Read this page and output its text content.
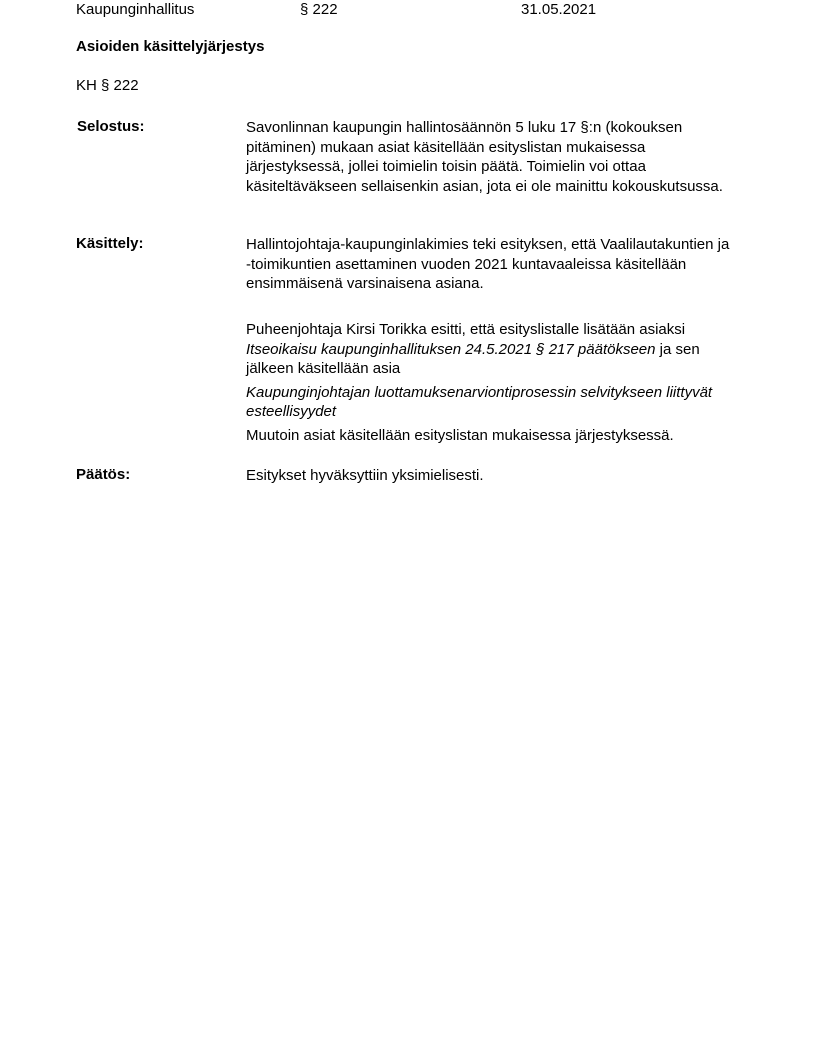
Kaupunginhallitus	§ 222	31.05.2021
Asioiden käsittelyjärjestys
KH § 222
Selostus:	Savonlinnan kaupungin hallintosäännön 5 luku 17 §:n (kokouksen pitäminen) mukaan asiat käsitellään esityslistan mukaisessa järjestyksessä, jollei toimielin toisin päätä. Toimielin voi ottaa käsiteltäväkseen sellaisenkin asian, jota ei ole mainittu kokouskutsussa.
Käsittely:	Hallintojohtaja-kaupunginlakimies teki esityksen, että Vaalilautakuntien ja -toimikuntien asettaminen vuoden 2021 kuntavaaleissa käsitellään ensimmäisenä varsinaisena asiana.

Puheenjohtaja Kirsi Torikka esitti, että esityslistalle lisätään asiaksi

Itseoikaisu kaupunginhallituksen 24.5.2021 § 217 päätökseen ja sen jälkeen käsitellään asia

Kaupunginjohtajan luottamuksenarviontiprosessin selvitykseen liittyvät esteellisyydet

Muutoin asiat käsitellään esityslistan mukaisessa järjestyksessä.

Päätös:	Esitykset hyväksyttiin yksimielisesti.
